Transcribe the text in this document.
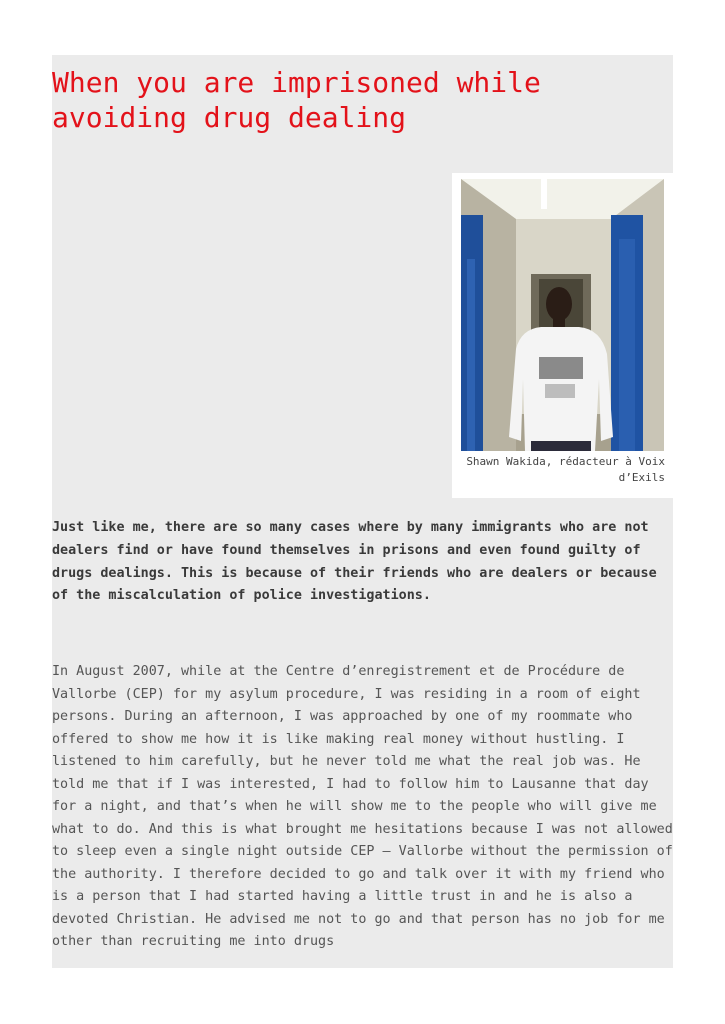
When you are imprisoned while avoiding drug dealing
Shawn Wakida, rédacteur à Voix d’Exils

Just like me, there are so many cases where by many immigrants who are not dealers find or have found themselves in prisons and even found guilty of drugs dealings. This is because of their friends who are dealers or because of the miscalculation of police investigations.

In August 2007, while at the Centre d’enregistrement et de Procédure de Vallorbe (CEP) for my asylum procedure, I was residing in a room of eight persons. During an afternoon, I was approached by one of my roommate who offered to show me how it is like making real money without hustling. I listened to him carefully, but he never told me what the real job was. He told me that if I was interested, I had to follow him to Lausanne that day for a night, and that’s when he will show me to the people who will give me what to do. And this is what brought me hesitations because I was not allowed to sleep even a single night outside CEP – Vallorbe without the permission of the authority. I therefore decided to go and talk over it with my friend who is a person that I had started having a little trust in and he is also a devoted Christian. He advised me not to go and that person has no job for me other than recruiting me into drugs
